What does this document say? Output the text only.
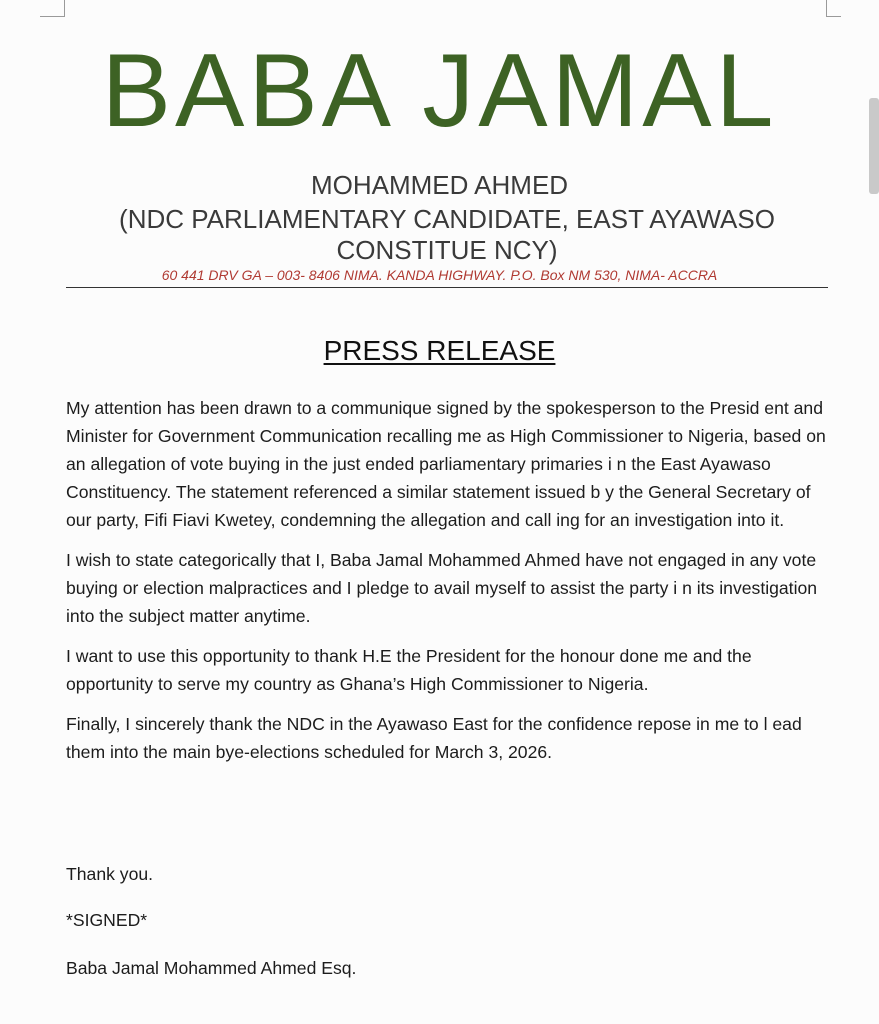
BABA JAMAL
MOHAMMED AHMED
(NDC PARLIAMENTARY CANDIDATE, EAST AYAWASO CONSTITUE NCY)
60 441 DRV GA – 003- 8406 NIMA. KANDA HIGHWAY. P.O. Box NM 530, NIMA- ACCRA
PRESS RELEASE

My attention has been drawn to a communique signed by the spokesperson to the Presid ent and Minister for Government Communication recalling me as High Commissioner to Nigeria, based on an allegation of vote buying in the just ended parliamentary primaries i n the East Ayawaso Constituency. The statement referenced a similar statement issued b y the General Secretary of our party, Fifi Fiavi Kwetey, condemning the allegation and call ing for an investigation into it.

I wish to state categorically that I, Baba Jamal Mohammed Ahmed have not engaged in any vote buying or election malpractices and I pledge to avail myself to assist the party i n its investigation into the subject matter anytime.

I want to use this opportunity to thank H.E the President for the honour done me and the opportunity to serve my country as Ghana’s High Commissioner to Nigeria.

Finally, I sincerely thank the NDC in the Ayawaso East for the confidence repose in me to l ead them into the main bye-elections scheduled for March 3, 2026.

Thank you.
*SIGNED*
Baba Jamal Mohammed Ahmed Esq.
